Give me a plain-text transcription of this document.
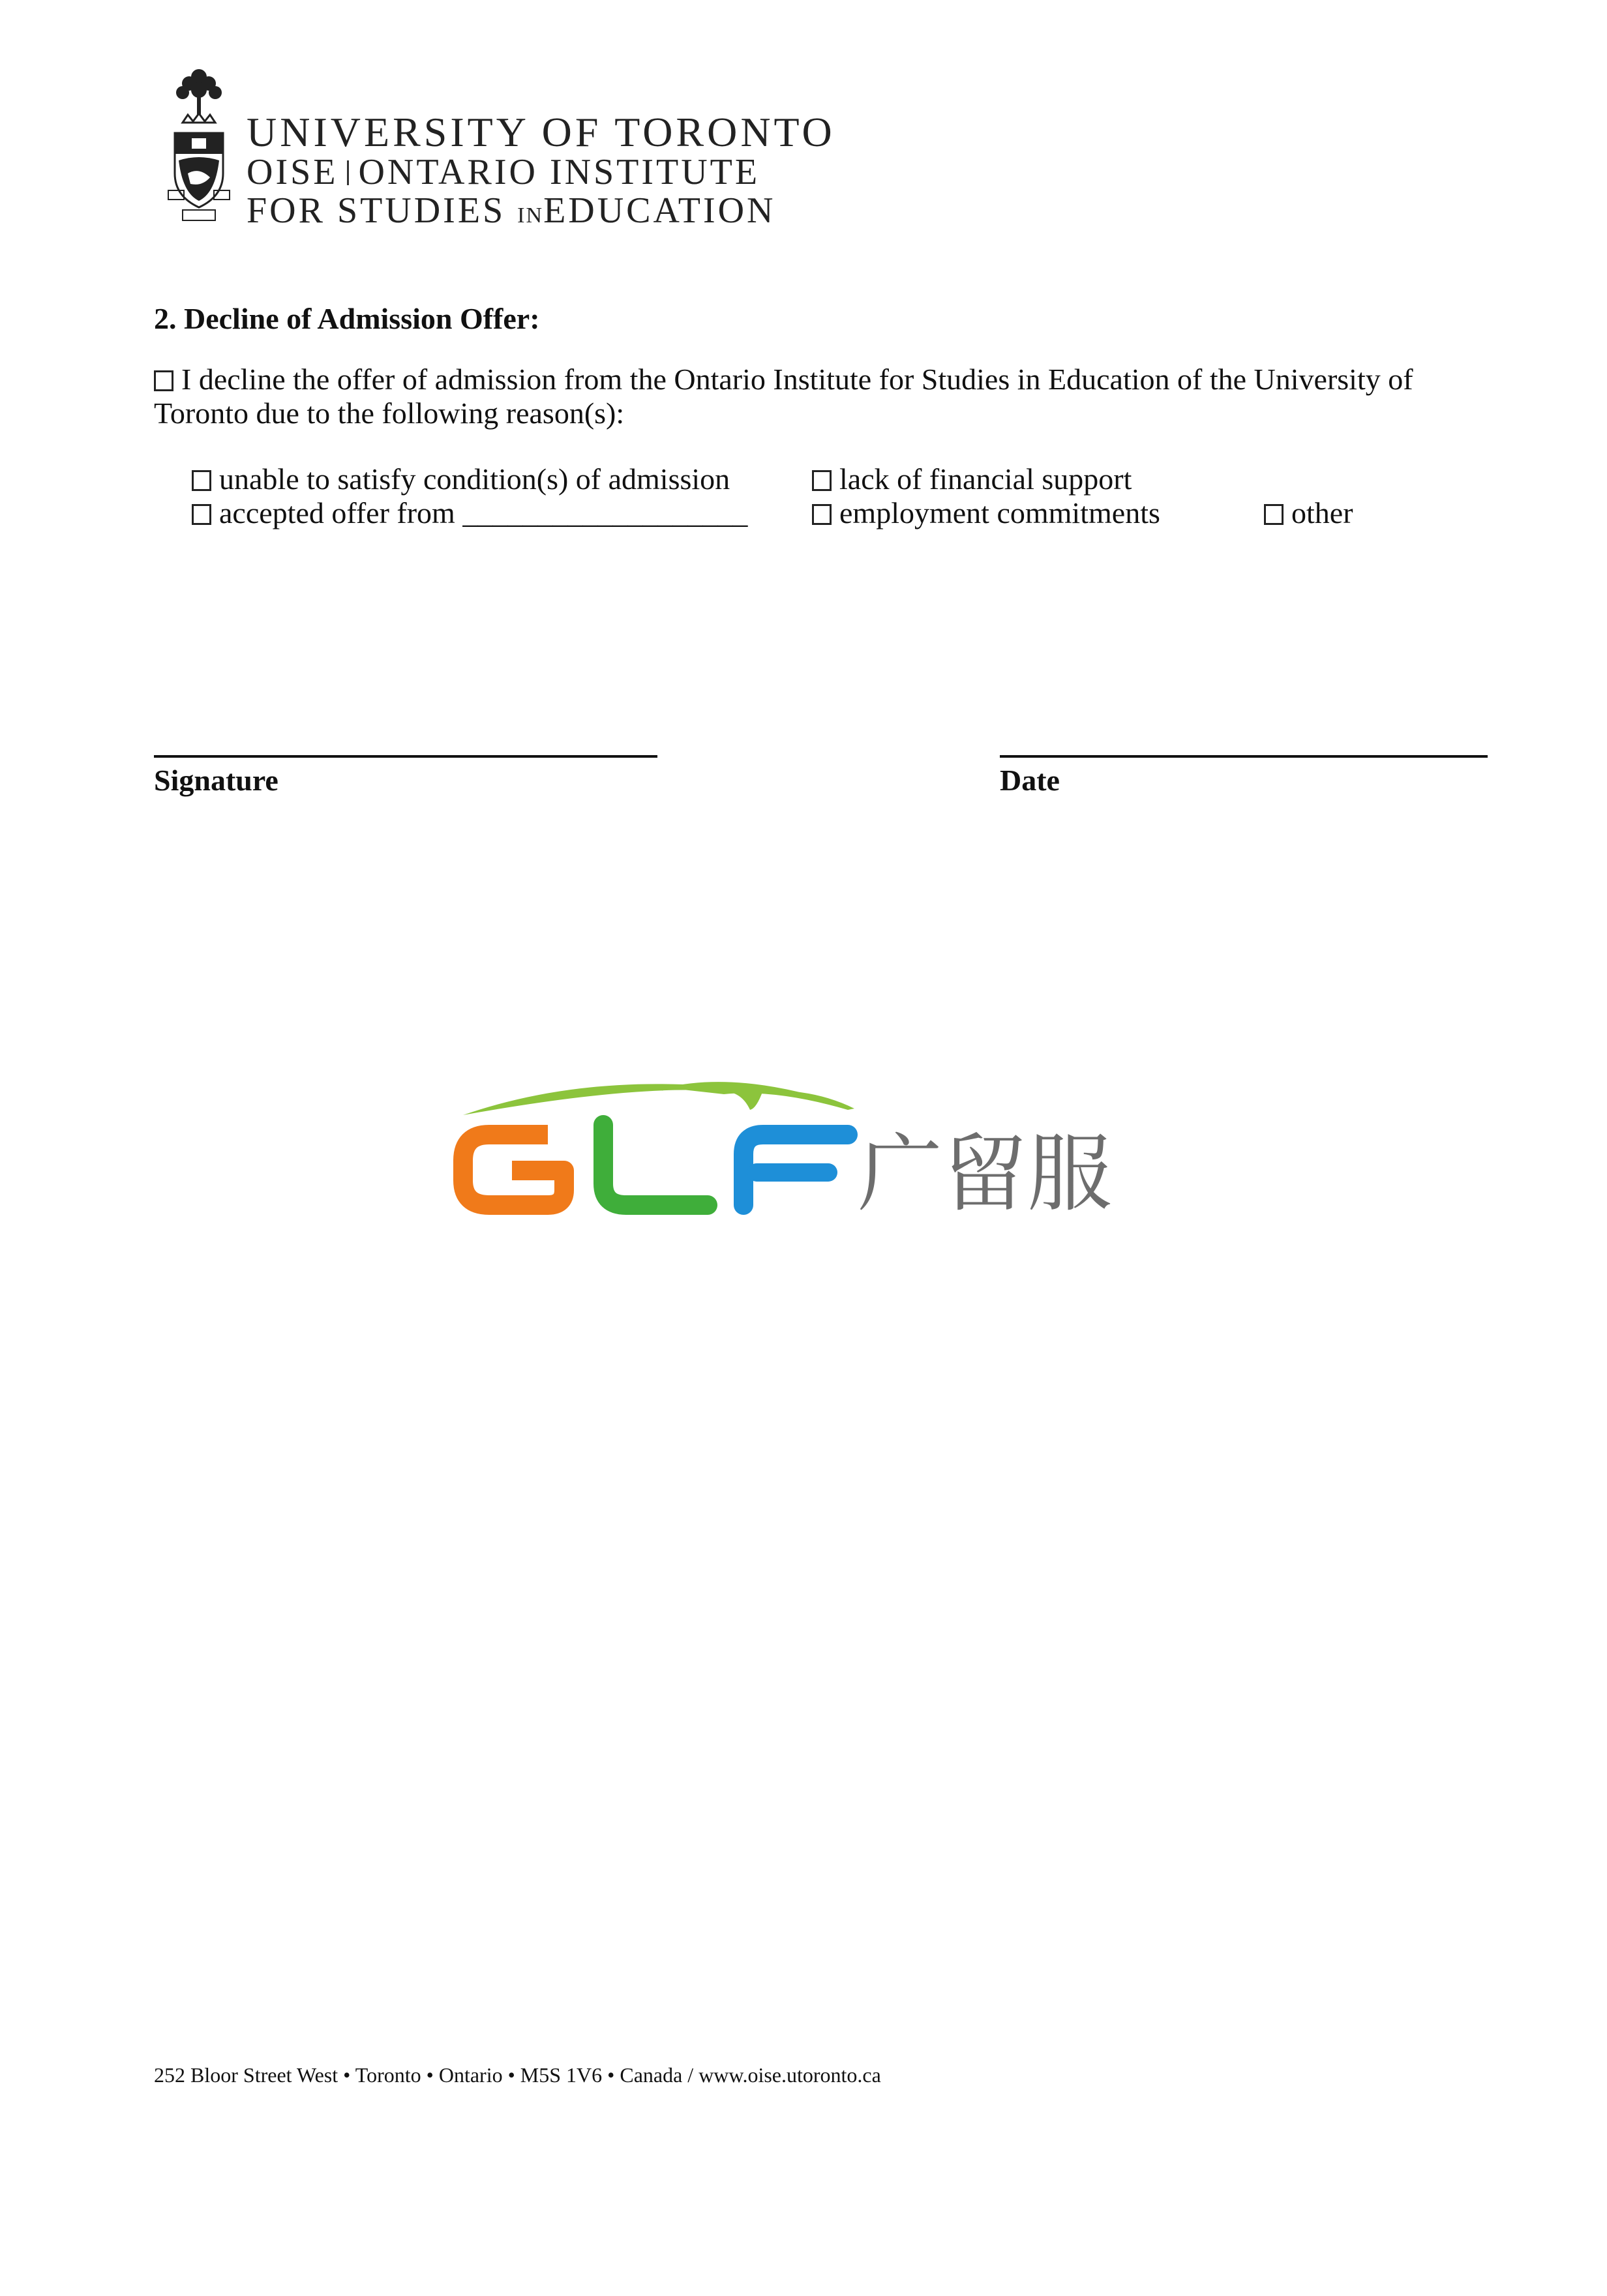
UNIVERSITY OF TORONTO
OISE ONTARIO INSTITUTE
FOR STUDIES INEDUCATION
2. Decline of Admission Offer:
I decline the offer of admission from the Ontario Institute for Studies in Education of the University of Toronto due to the following reason(s):
unable to satisfy condition(s) of admission
accepted offer from ___________________
lack of financial support
employment commitments	other
Signature	Date
广留服
252 Bloor Street West • Toronto • Ontario • M5S 1V6 • Canada / www.oise.utoronto.ca
